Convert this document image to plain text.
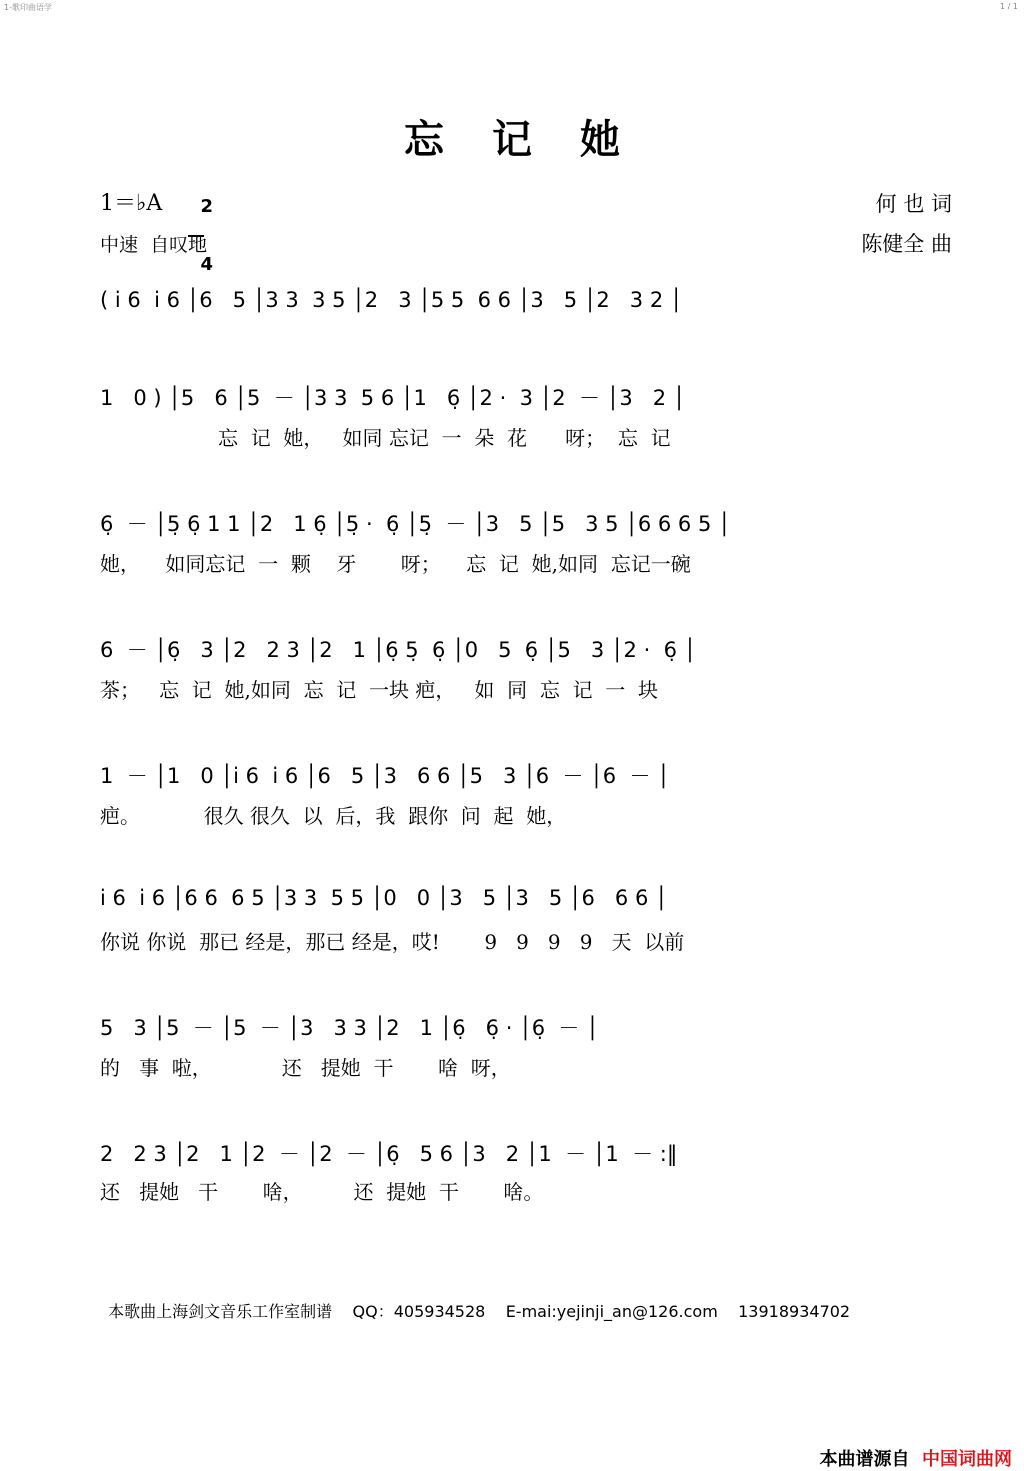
1-歌印曲语学	1 / 1
忘记她
1＝♭A	2

4

中速  自叹地
何 也 词
陈健全 曲
( i̇ 6  i̇ 6 │6   5 │3 3  3 5 │2   3 │5 5  6 6 │3   5 │2   3 2 │
1   0 ) │5   6 │5  － │3 3  5 6 │1   6̣ │2 ·  3 │2  － │3   2 │
忘  记  她，   如同 忘记  一  朵  花      呀；  忘  记
6̣  － │5̣ 6̣ 1 1 │2   1 6̣ │5̣ ·  6̣ │5̣  － │3   5 │5   3 5 │6 6 6 5 │
她，    如同忘记  一  颗    牙       呀；    忘  记  她,如同  忘记一碗
6  － │6̣   3 │2   2 3 │2   1 │6̣ 5̣  6̣ │0   5  6̣ │5   3 │2 ·  6̣ │
茶；   忘  记  她,如同  忘  记  一块 疤，   如  同  忘  记  一  块
1  － │1   0 │i̇ 6  i̇ 6 │6   5 │3   6 6 │5   3 │6  － │6  － │
疤。          很久 很久  以  后，我  跟你  问  起  她，
i̇ 6  i̇ 6 │6 6  6 5 │3 3  5 5 │0   0 │3   5 │3   5 │6   6 6 │
你说 你说  那已 经是，那已 经是，哎!       9   9   9   9   天  以前
5   3 │5  － │5  － │3   3 3 │2   1 │6̣   6̣ · │6̣  － │
的   事  啦，           还   提她  干       啥  呀，
2   2 3 │2   1 │2  － │2  － │6̣   5 6 │3   2 │1  － │1  － :‖
还   提她   干       啥，        还  提她  干       啥。

本歌曲上海剑文音乐工作室制谱 QQ：405934528 E-mai:yejinji_an@126.com 13918934702

本曲谱源自 中国词曲网
